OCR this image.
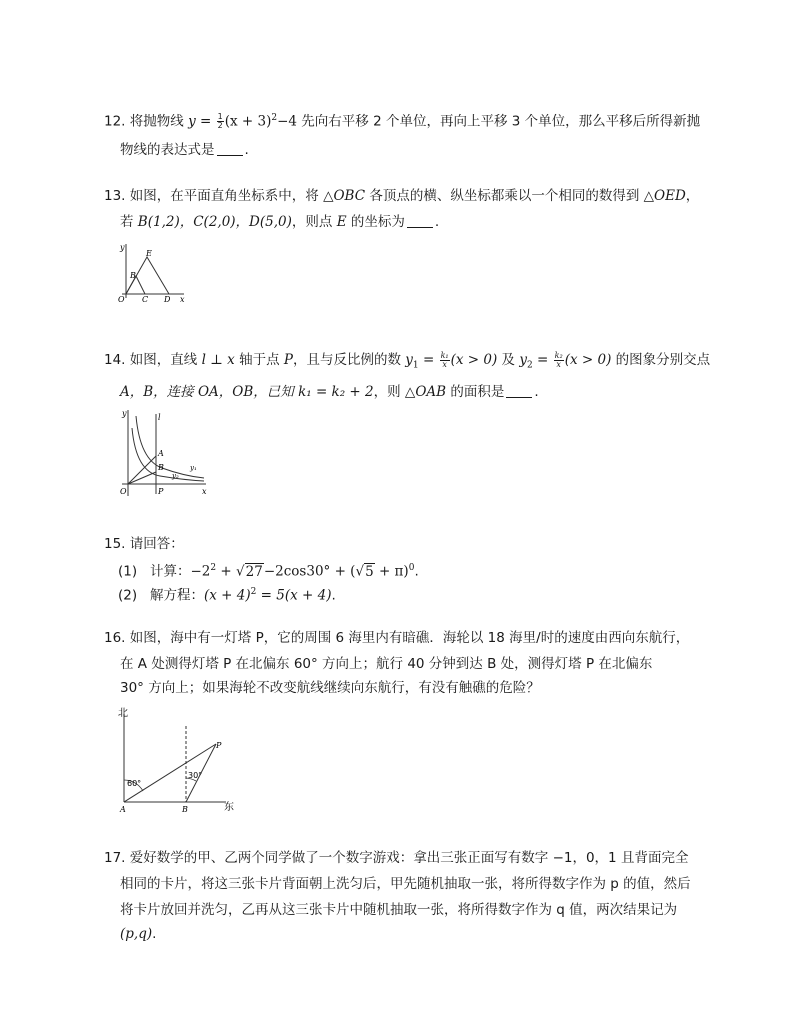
12. 将抛物线 $y = \frac{1}{2} (x + 3)^2-4$ 先向右平移 2 个单位，再向上平移 3 个单位，那么平移后所得新抛
物线的表达式是 .
13. 如图，在平面直角坐标系中，将 △OBC 各顶点的横、纵坐标都乘以一个相同的数得到 △OED，
若 B(1,2)，C(2,0)，D(5,0)，则点 E 的坐标为 .
y
x
O
B
C D
E
14. 如图，直线 l ⊥ x 轴于点 P，且与反比例的数 $y_1 = \frac{\text{k₁}}{x} (x > 0)$ 及 $y_2 = \frac{\text{k₂}}{x} (x > 0)$ 的图象分别交点
A，B，连接 OA，OB，已知 k₁ = k₂ + 2，则 △OAB 的面积是 .
y	l
A
B	y₁
y₂
O	P	x
15. 请回答：
(1) 计算：$-2^2 + √27-2\cos 30^\circ + (√5 + \pi)^0$.
(2) 解方程：$(x + 4)^2 = 5(x + 4)$.
16. 如图，海中有一灯塔 P，它的周围 6 海里内有暗礁．海轮以 18 海里/时的速度由西向东航行，
在 A 处测得灯塔 P 在北偏东 60° 方向上；航行 40 分钟到达 B 处，测得灯塔 P 在北偏东
30° 方向上；如果海轮不改变航线继续向东航行，有没有触礁的危险？
北
东
A	B
P
60°
30°
17. 爱好数学的甲、乙两个同学做了一个数字游戏：拿出三张正面写有数字 −1，0，1 且背面完全
相同的卡片，将这三张卡片背面朝上洗匀后，甲先随机抽取一张，将所得数字作为 p 的值，然后
将卡片放回并洗匀，乙再从这三张卡片中随机抽取一张，将所得数字作为 q 值，两次结果记为
(p,q).
